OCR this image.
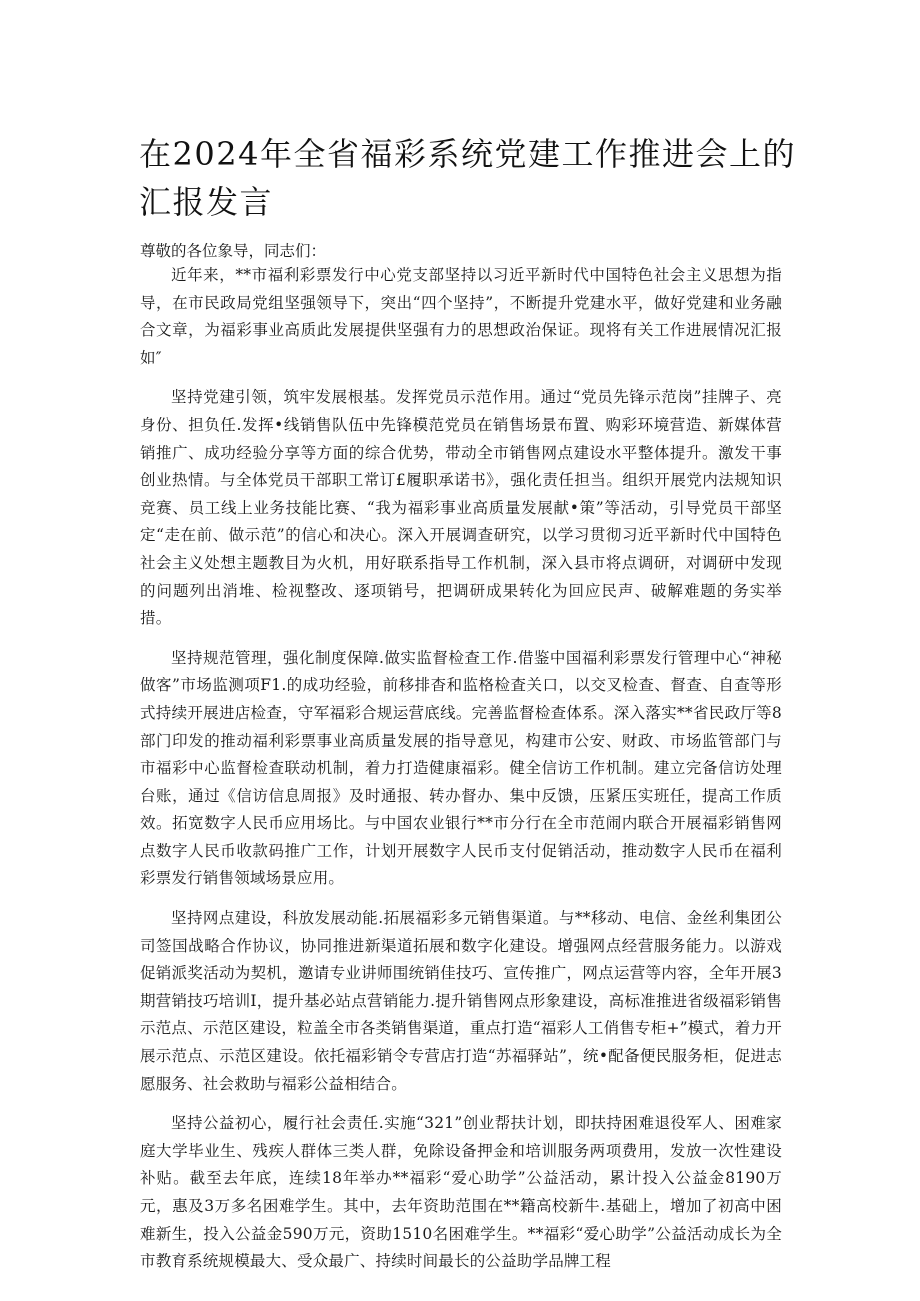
在2024年全省福彩系统党建工作推进会上的汇报发言

尊敬的各位象导，同志们：

近年来，**市福利彩票发行中心党支部坚持以习近平新时代中国特色社会主义思想为指导，在市民政局党组坚强领导下，突出“四个坚持”，不断提升党建水平，做好党建和业务融合文章，为福彩事业高质此发展提供坚强有力的思想政治保证。现将有关工作进展情况汇报如″

坚持党建引领，筑牢发展根基。发挥党员示范作用。通过“党员先锋示范岗”挂牌子、亮身份、担负任.发挥•线销售队伍中先锋模范党员在销售场景布置、购彩环境营造、新媒体营销推广、成功经验分享等方面的综合优势，带动全市销售网点建设水平整体提升。激发干事创业热情。与全体党员干部职工常订£履职承诺书》，强化责任担当。组织开展党内法规知识竞赛、员工线上业务技能比赛、“我为福彩事业高质量发展献•策”等活动，引导党员干部坚定“走在前、做示范”的信心和决心。深入开展调查研究，以学习贯彻习近平新时代中国特色社会主义处想主题教目为火机，用好联系指导工作机制，深入县市将点调研，对调研中发现的问题列出消堆、检视整改、逐项销号，把调研成果转化为回应民声、破解难题的务实举措。

坚持规范管理，强化制度保障.做实监督检查工作.借鉴中国福利彩票发行管理中心“神秘做客”市场监测项F1.的成功经验，前移排杳和监格检査关口，以交叉检查、督查、自查等形式持续开展进店检查，守军福彩合规运营底线。完善监督检查体系。深入落实**省民政厅等8部门印发的推动福利彩票事业高质量发展的指导意见，构建市公安、财政、市场监管部门与市福彩中心监督检查联动机制，着力打造健康福彩。健全信访工作机制。建立完备信访处理台账，通过《信访信息周报》及时通报、转办督办、集中反馈，压紧压实班任，提高工作质效。拓宽数字人民币应用场比。与中国农业银行**市分行在全市范闹内联合开展福彩销售网点数字人民币收款码推广工作，计划开展数字人民币支付促销活动，推动数字人民币在福利彩票发行销售领域场景应用。

坚持网点建设，科放发展动能.拓展福彩多元销售渠道。与**移动、电信、金丝利集团公司签国战略合作协议，协同推进新渠道拓展和数字化建设。增强网点经营服务能力。以游戏促销派奖活动为契机，邀请专业讲师围统销佳技巧、宣传推广，网点运营等内容，全年开展3期营销技巧培训I，提升基必站点营销能力.提升销售网点形象建设，高标准推进省级福彩销售示范点、示范区建设，粒盖全市各类销售渠道，重点打造“福彩人工俏售专柜+”模式，着力开展示范点、示范区建设。依托福彩销令专营店打造“苏福驿站”，统•配备便民服务柜，促进志愿服务、社会救助与福彩公益相结合。

坚持公益初心，履行社会责任.实施“321”创业帮扶计划，即扶持困难退役军人、困难家庭大学毕业生、残疾人群体三类人群，免除设备押金和培训服务两项费用，发放一次性建设补贴。截至去年底，连续18年举办**福彩“爱心助学”公益活动，累计投入公益金8190万元，惠及3万多名困难学生。其中，去年资助范围在**籍高校新牛.基础上，增加了初高中困难新生，投入公益金590万元，资助1510名困难学生。**福彩“爱心助学”公益活动成长为全市教育系统规模最大、受众最广、持续时间最长的公益助学品牌工程
